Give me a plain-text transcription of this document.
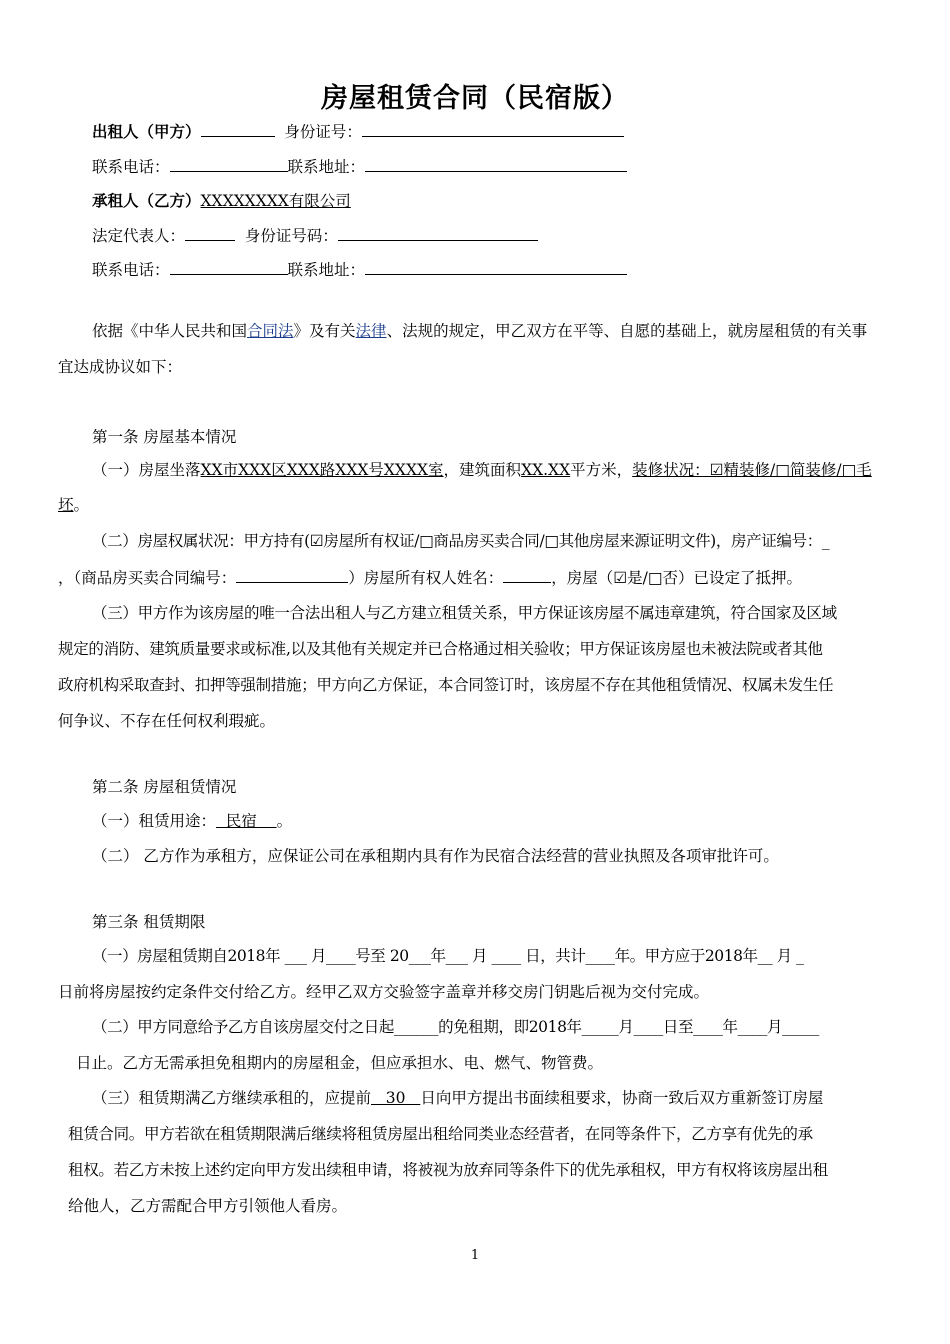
房屋租赁合同（民宿版）
出租人（甲方）	身份证号：
联系电话：	联系地址：
承租人（乙方）XXXXXXXX有限公司
法定代表人：	身份证号码：
联系电话：	联系地址：
依据《中华人民共和国合同法》及有关法律、法规的规定，甲乙双方在平等、自愿的基础上，就房屋租赁的有关事
宜达成协议如下：
第一条 房屋基本情况
（一）房屋坐落XX市XXX区XXX路XXX号XXXX室，建筑面积XX.XX平方米，装修状况：☑精装修/□简装修/□毛
坯。
（二）房屋权属状况：甲方持有(☑房屋所有权证/□商品房买卖合同/□其他房屋来源证明文件)，房产证编号：_
，（商品房买卖合同编号：	）房屋所有权人姓名：	，房屋（☑是/□否）已设定了抵押。
（三）甲方作为该房屋的唯一合法出租人与乙方建立租赁关系，甲方保证该房屋不属违章建筑，符合国家及区域
规定的消防、建筑质量要求或标准,以及其他有关规定并已合格通过相关验收；甲方保证该房屋也未被法院或者其他
政府机构采取查封、扣押等强制措施；甲方向乙方保证，本合同签订时，该房屋不存在其他租赁情况、权属未发生任
何争议、不存在任何权利瑕疵。
第二条 房屋租赁情况
（一）租赁用途：  民宿    。
（二） 乙方作为承租方，应保证公司在承租期内具有作为民宿合法经营的营业执照及各项审批许可。
第三条 租赁期限
（一）房屋租赁期自2018年 ___ 月____号至 20___年___ 月 ____ 日，共计____年。甲方应于2018年__ 月 _
日前将房屋按约定条件交付给乙方。经甲乙双方交验签字盖章并移交房门钥匙后视为交付完成。
（二）甲方同意给予乙方自该房屋交付之日起______的免租期，即2018年_____月____日至____年____月_____
日止。乙方无需承担免租期内的房屋租金，但应承担水、电、燃气、物管费。
（三）租赁期满乙方继续承租的，应提前   30   日向甲方提出书面续租要求，协商一致后双方重新签订房屋
租赁合同。甲方若欲在租赁期限满后继续将租赁房屋出租给同类业态经营者，在同等条件下，乙方享有优先的承
租权。若乙方未按上述约定向甲方发出续租申请，将被视为放弃同等条件下的优先承租权，甲方有权将该房屋出租
给他人，乙方需配合甲方引领他人看房。
1
